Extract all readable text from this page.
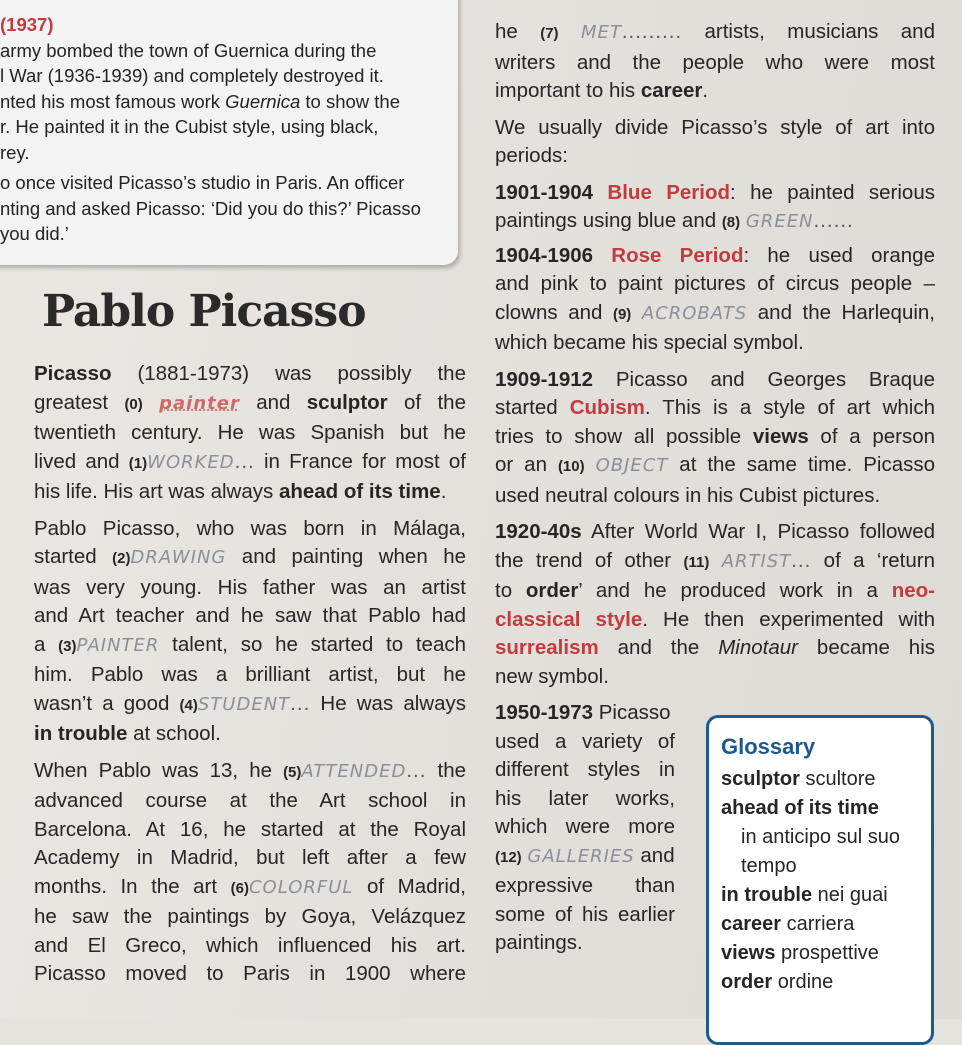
(1937)
army bombed the town of Guernica during the
l War (1936-1939) and completely destroyed it.
nted his most famous work Guernica to show the
r. He painted it in the Cubist style, using black,
rey.
o once visited Picasso’s studio in Paris. An officer
nting and asked Picasso: ‘Did you do this?’ Picasso
you did.’
Pablo Picasso
Picasso (1881-1973) was possibly the
greatest (0) painter and sculptor of the
twentieth century. He was Spanish but he
lived and (1)WORKED... in France for most of
his life. His art was always ahead of its time.
Pablo Picasso, who was born in Málaga,
started (2)DRAWING and painting when he
was very young. His father was an artist
and Art teacher and he saw that Pablo had
a (3)PAINTER talent, so he started to teach
him. Pablo was a brilliant artist, but he
wasn’t a good (4)STUDENT... He was always
in trouble at school.
When Pablo was 13, he (5)ATTENDED... the
advanced course at the Art school in
Barcelona. At 16, he started at the Royal
Academy in Madrid, but left after a few
months. In the art (6)COLORFUL of Madrid,
he saw the paintings by Goya, Velázquez
and El Greco, which influenced his art.
Picasso moved to Paris in 1900 where
he (7) MET......... artists, musicians and
writers and the people who were most
important to his career.
We usually divide Picasso’s style of art into
periods:
1901-1904 Blue Period: he painted serious
paintings using blue and (8) GREEN......
1904-1906 Rose Period: he used orange
and pink to paint pictures of circus people –
clowns and (9) ACROBATS and the Harlequin,
which became his special symbol.
1909-1912 Picasso and Georges Braque
started Cubism. This is a style of art which
tries to show all possible views of a person
or an (10) OBJECT at the same time. Picasso
used neutral colours in his Cubist pictures.
1920-40s After World War I, Picasso followed
the trend of other (11) ARTIST... of a ‘return
to order’ and he produced work in a neo-
classical style. He then experimented with
surrealism and the Minotaur became his
new symbol.
1950-1973 Picasso
used a variety of
different styles in
his later works,
which were more
(12) GALLERIES and
expressive than
some of his earlier
paintings.
Glossary
sculptor scultore
ahead of its time
in anticipo sul suo
tempo
in trouble nei guai
career carriera
views prospettive
order ordine
